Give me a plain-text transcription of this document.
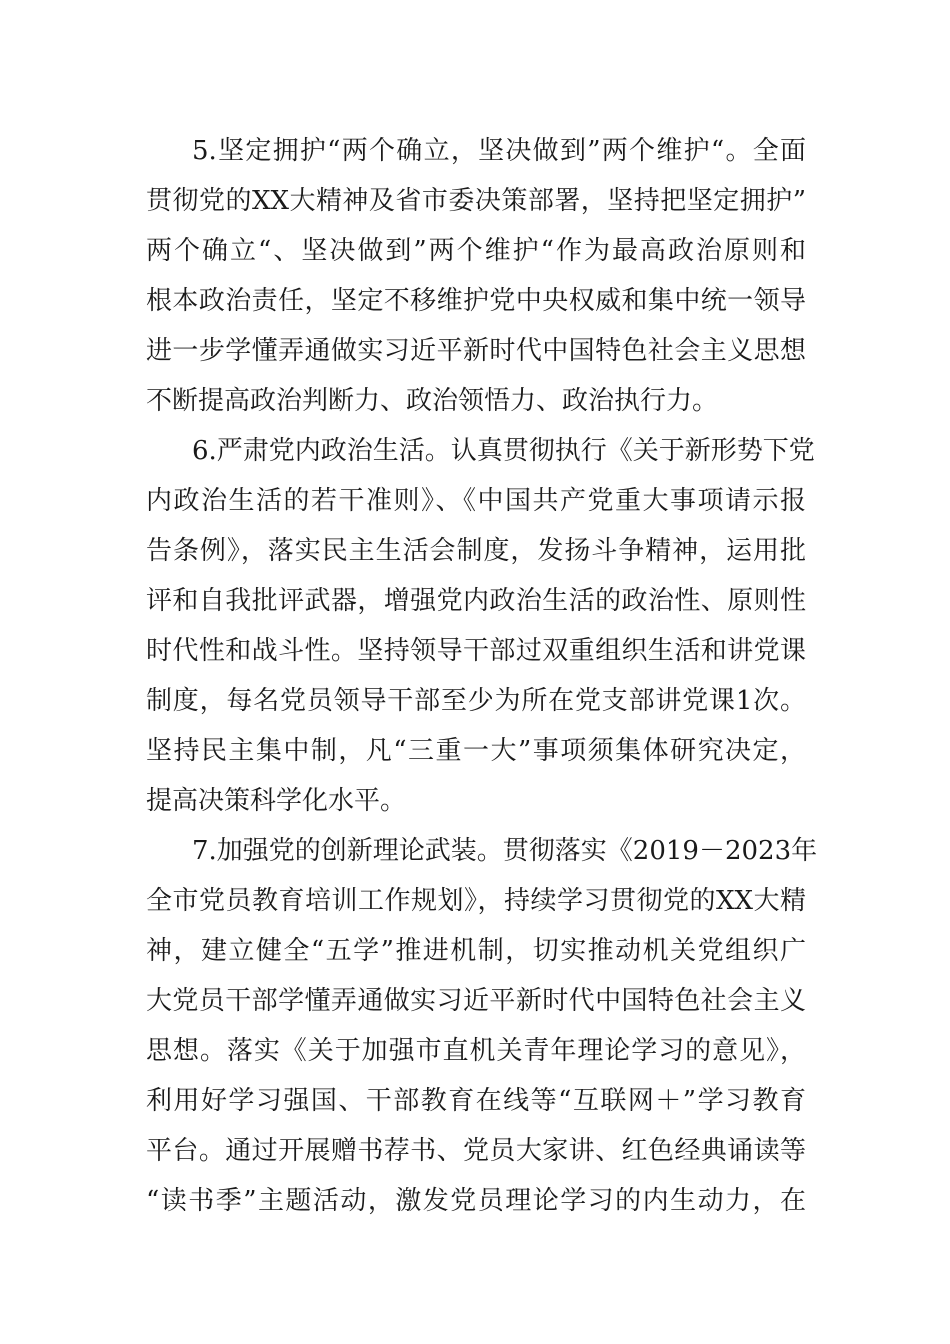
5.坚定拥护“两个确立，坚决做到”两个维护“。全面
贯彻党的XX大精神及省市委决策部署，坚持把坚定拥护”
两个确立“、坚决做到”两个维护“作为最高政治原则和
根本政治责任，坚定不移维护党中央权威和集中统一领导
进一步学懂弄通做实习近平新时代中国特色社会主义思想
不断提高政治判断力、政治领悟力、政治执行力。
6.严肃党内政治生活。认真贯彻执行《关于新形势下党
内政治生活的若干准则》、《中国共产党重大事项请示报
告条例》，落实民主生活会制度，发扬斗争精神，运用批
评和自我批评武器，增强党内政治生活的政治性、原则性
时代性和战斗性。坚持领导干部过双重组织生活和讲党课
制度，每名党员领导干部至少为所在党支部讲党课1次。
坚持民主集中制，凡“三重一大”事项须集体研究决定，
提高决策科学化水平。
7.加强党的创新理论武装。贯彻落实《2019－2023年
全市党员教育培训工作规划》，持续学习贯彻党的XX大精
神，建立健全“五学”推进机制，切实推动机关党组织广
大党员干部学懂弄通做实习近平新时代中国特色社会主义
思想。落实《关于加强市直机关青年理论学习的意见》，
利用好学习强国、干部教育在线等“互联网＋”学习教育
平台。通过开展赠书荐书、党员大家讲、红色经典诵读等
“读书季”主题活动，激发党员理论学习的内生动力，在
